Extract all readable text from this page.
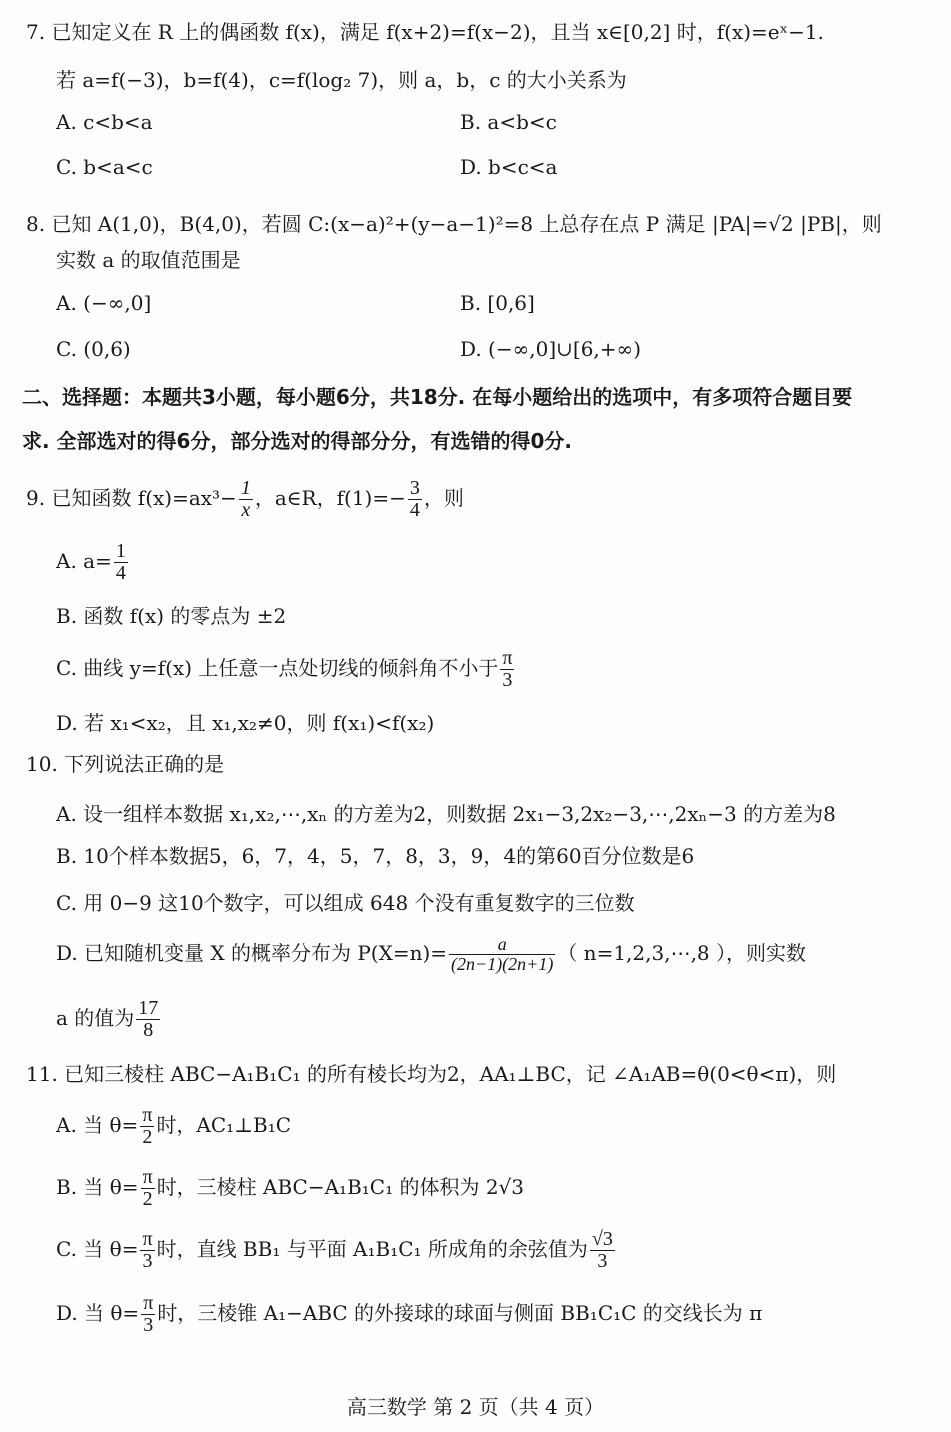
7. 已知定义在 R 上的偶函数 f(x)，满足 f(x+2)=f(x−2)，且当 x∈[0,2] 时，f(x)=eˣ−1.
若 a=f(−3)，b=f(4)，c=f(log₂ 7)，则 a，b，c 的大小关系为
A. c<b<a	B. a<b<c
C. b<a<c	D. b<c<a
8. 已知 A(1,0)，B(4,0)，若圆 C:(x−a)²+(y−a−1)²=8 上总存在点 P 满足 |PA|=√2 |PB|，则
实数 a 的取值范围是
A. (−∞,0]	B. [0,6]
C. (0,6)	D. (−∞,0]∪[6,+∞)
二、选择题：本题共3小题，每小题6分，共18分. 在每小题给出的选项中，有多项符合题目要
求. 全部选对的得6分，部分选对的得部分分，有选错的得0分.
9. 已知函数 $f(x)=ax^3- \frac{1}{x}$ ，a∈R，$f(1)=- \frac{3}{4}$ ，则
A. $a= \frac{1}{4}$
B. 函数 f(x) 的零点为 ±2
C. 曲线 y=f(x) 上任意一点处切线的倾斜角不小于 $\frac{\pi}{3}$
D. 若 x₁<x₂，且 x₁,x₂≠0，则 f(x₁)<f(x₂)
10. 下列说法正确的是
A. 设一组样本数据 x₁,x₂,⋯,xₙ 的方差为2，则数据 2x₁−3,2x₂−3,⋯,2xₙ−3 的方差为8
B. 10个样本数据5，6，7，4，5，7，8，3，9，4的第60百分位数是6
C. 用 0−9 这10个数字，可以组成 648 个没有重复数字的三位数
D. 已知随机变量 X 的概率分布为 $P(X=n)= \frac{a}{(2n-1)(2n+1)}$ （ n=1,2,3,⋯,8 ），则实数
a 的值为 $\frac{17}{8}$
11. 已知三棱柱 ABC−A₁B₁C₁ 的所有棱长均为2，AA₁⊥BC，记 ∠A₁AB=θ(0<θ<π)，则
A. 当 $\theta= \frac{\pi}{2}$ 时，AC₁⊥B₁C
B. 当 $\theta= \frac{\pi}{2}$ 时，三棱柱 ABC−A₁B₁C₁ 的体积为 2√3
C. 当 $\theta= \frac{\pi}{3}$ 时，直线 BB₁ 与平面 A₁B₁C₁ 所成角的余弦值为 $\frac{√3}{3}$
D. 当 $\theta= \frac{\pi}{3}$ 时，三棱锥 A₁−ABC 的外接球的球面与侧面 BB₁C₁C 的交线长为 π
高三数学 第 2 页（共 4 页）
